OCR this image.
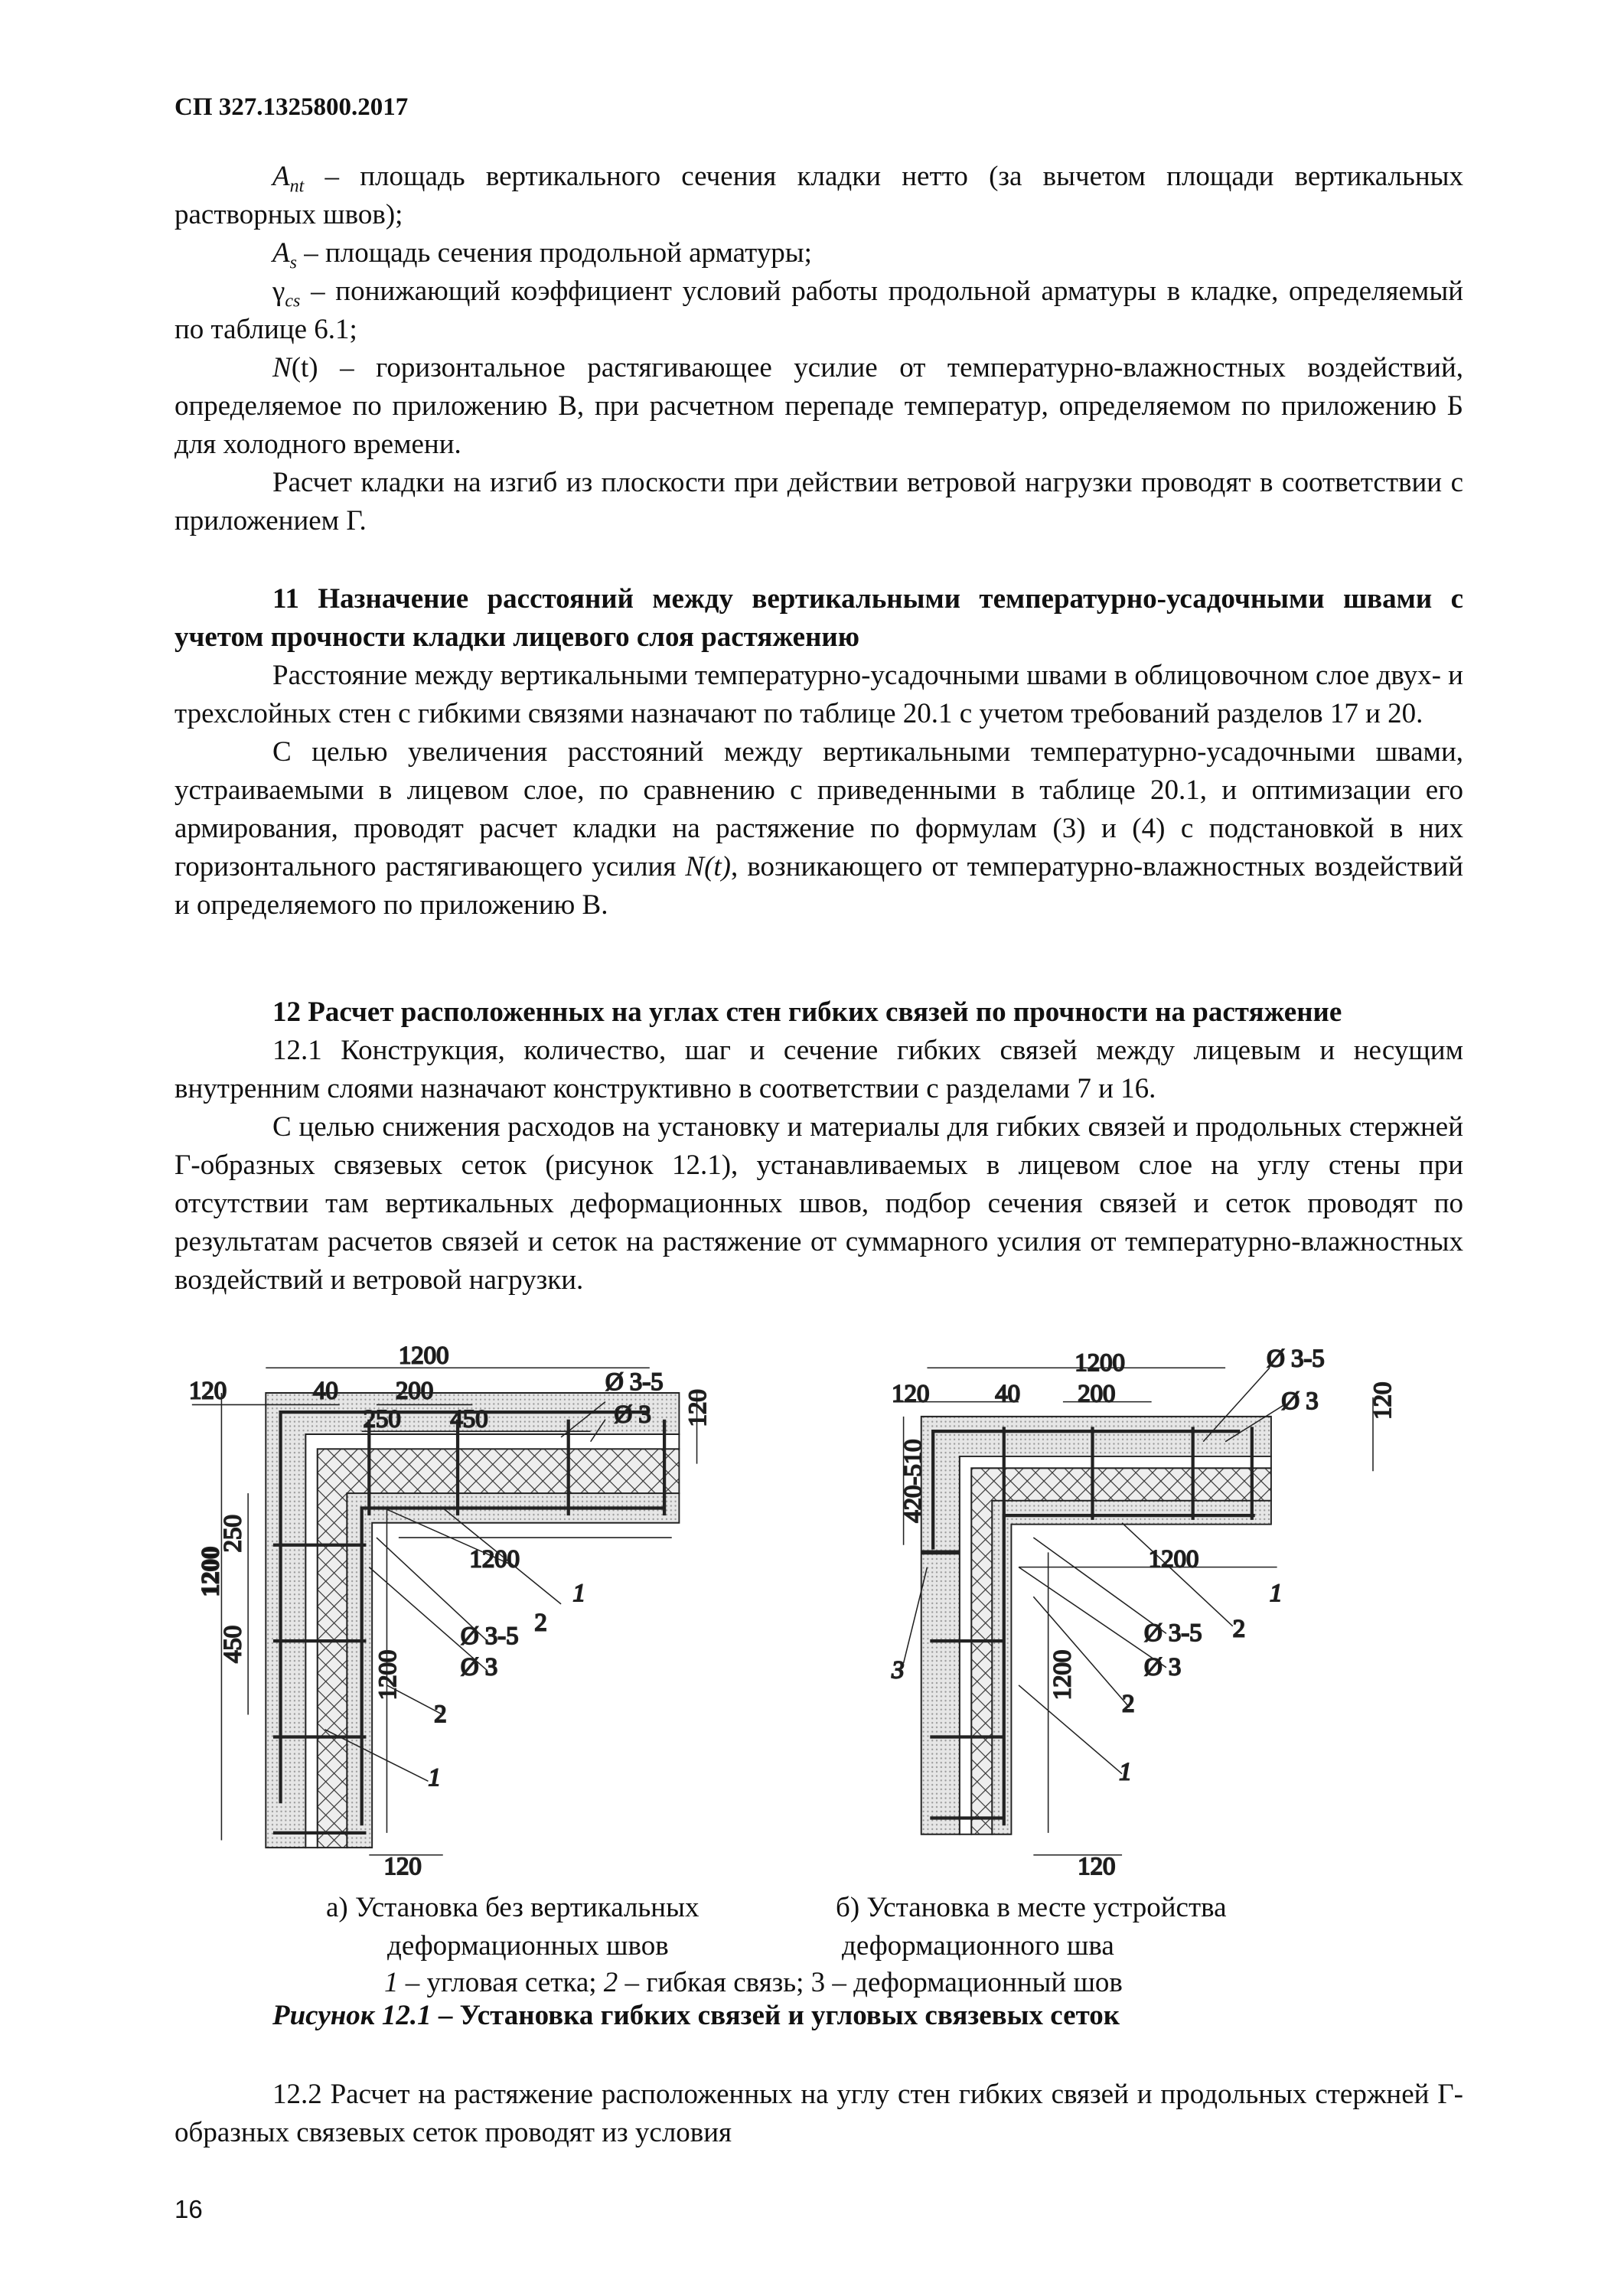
СП 327.1325800.2017

$A_{nt}$ – площадь вертикального сечения кладки нетто (за вычетом площади вертикальных растворных швов);

$A_s$ – площадь сечения продольной арматуры;

$\gamma_{cs}$ – понижающий коэффициент условий работы продольной арматуры в кладке, определяемый по таблице 6.1;

N(t) – горизонтальное растягивающее усилие от температурно-влажностных воздействий, определяемое по приложению В, при расчетном перепаде температур, определяемом по приложению Б для холодного времени.

Расчет кладки на изгиб из плоскости при действии ветровой нагрузки проводят в соответствии с приложением Г.

11 Назначение расстояний между вертикальными температурно-усадочными швами с учетом прочности кладки лицевого слоя растяжению

Расстояние между вертикальными температурно-усадочными швами в облицовочном слое двух- и трехслойных стен с гибкими связями назначают по таблице 20.1 с учетом требований разделов 17 и 20.

С целью увеличения расстояний между вертикальными температурно-усадочными швами, устраиваемыми в лицевом слое, по сравнению с приведенными в таблице 20.1, и оптимизации его армирования, проводят расчет кладки на растяжение по формулам (3) и (4) с подстановкой в них горизонтального растягивающего усилия N(t), возникающего от температурно-влажностных воздействий и определяемого по приложению В.

12 Расчет расположенных на углах стен гибких связей по прочности на растяжение

12.1 Конструкция, количество, шаг и сечение гибких связей между лицевым и несущим внутренним слоями назначают конструктивно в соответствии с разделами 7 и 16.

С целью снижения расходов на установку и материалы для гибких связей и продольных стержней Г-образных связевых сеток (рисунок 12.1), устанавливаемых в лицевом слое на углу стены при отсутствии там вертикальных деформационных швов, подбор сечения связей и сеток проводят по результатам расчетов связей и сеток на растяжение от суммарного усилия от температурно-влажностных воздействий и ветровой нагрузки.

1200
120	40	200
250	450
Ø 3-5
Ø 3	120
1200
250
450
1200
1
2
Ø 3-5
Ø 3
1200
2
1
120
1200
120	40	200
Ø 3-5
Ø 3	120
420-510
1200
1
2
Ø 3-5
Ø 3
1200
2
1
3
120
а) Установка без вертикальных
деформационных швов
б) Установка в месте устройства
деформационного шва
1 – угловая сетка; 2 – гибкая связь; 3 – деформационный шов
Рисунок 12.1 – Установка гибких связей и угловых связевых сеток

12.2 Расчет на растяжение расположенных на углу стен гибких связей и продольных стержней Г-образных связевых сеток проводят из условия

16
